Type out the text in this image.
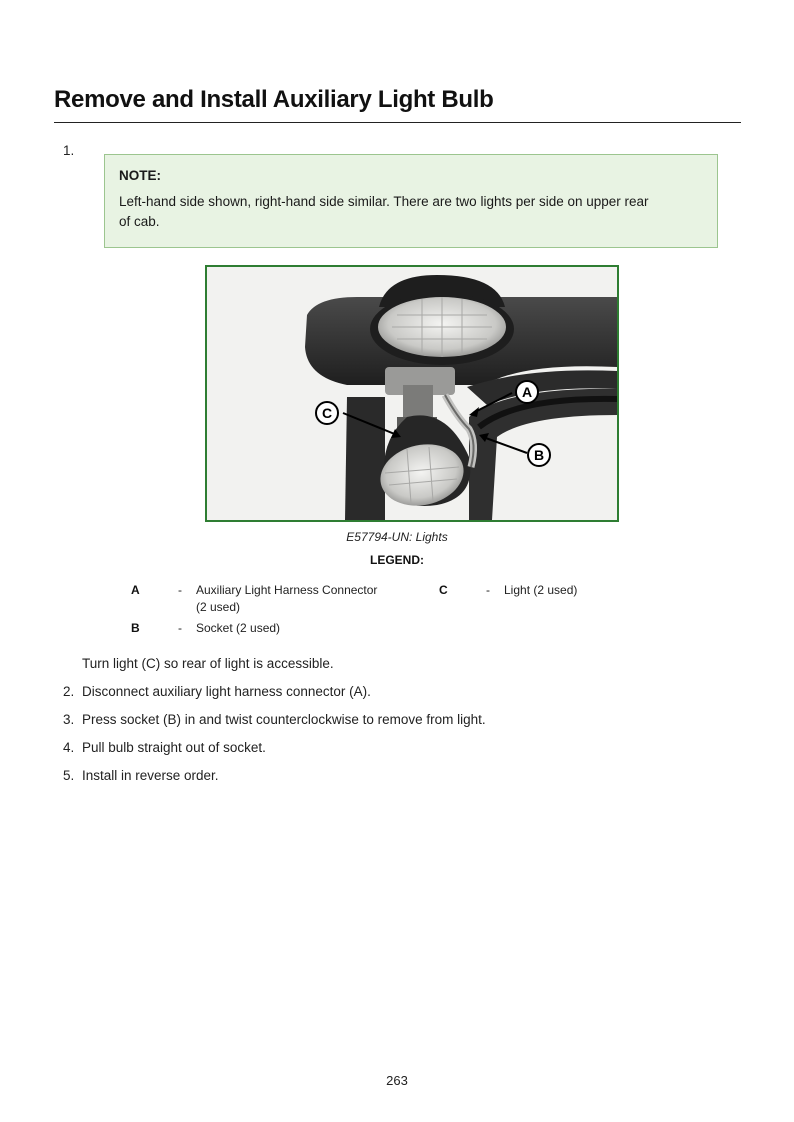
Remove and Install Auxiliary Light Bulb
1.
NOTE:
Left-hand side shown, right-hand side similar. There are two lights per side on upper rear
of cab.
A
B
C
E57794-UN: Lights
LEGEND:
A	- Auxiliary Light Harness Connector
(2 used)
B	- Socket (2 used)
C	- Light (2 used)
Turn light (C) so rear of light is accessible.
2. Disconnect auxiliary light harness connector (A).
3. Press socket (B) in and twist counterclockwise to remove from light.
4. Pull bulb straight out of socket.
5. Install in reverse order.
263
